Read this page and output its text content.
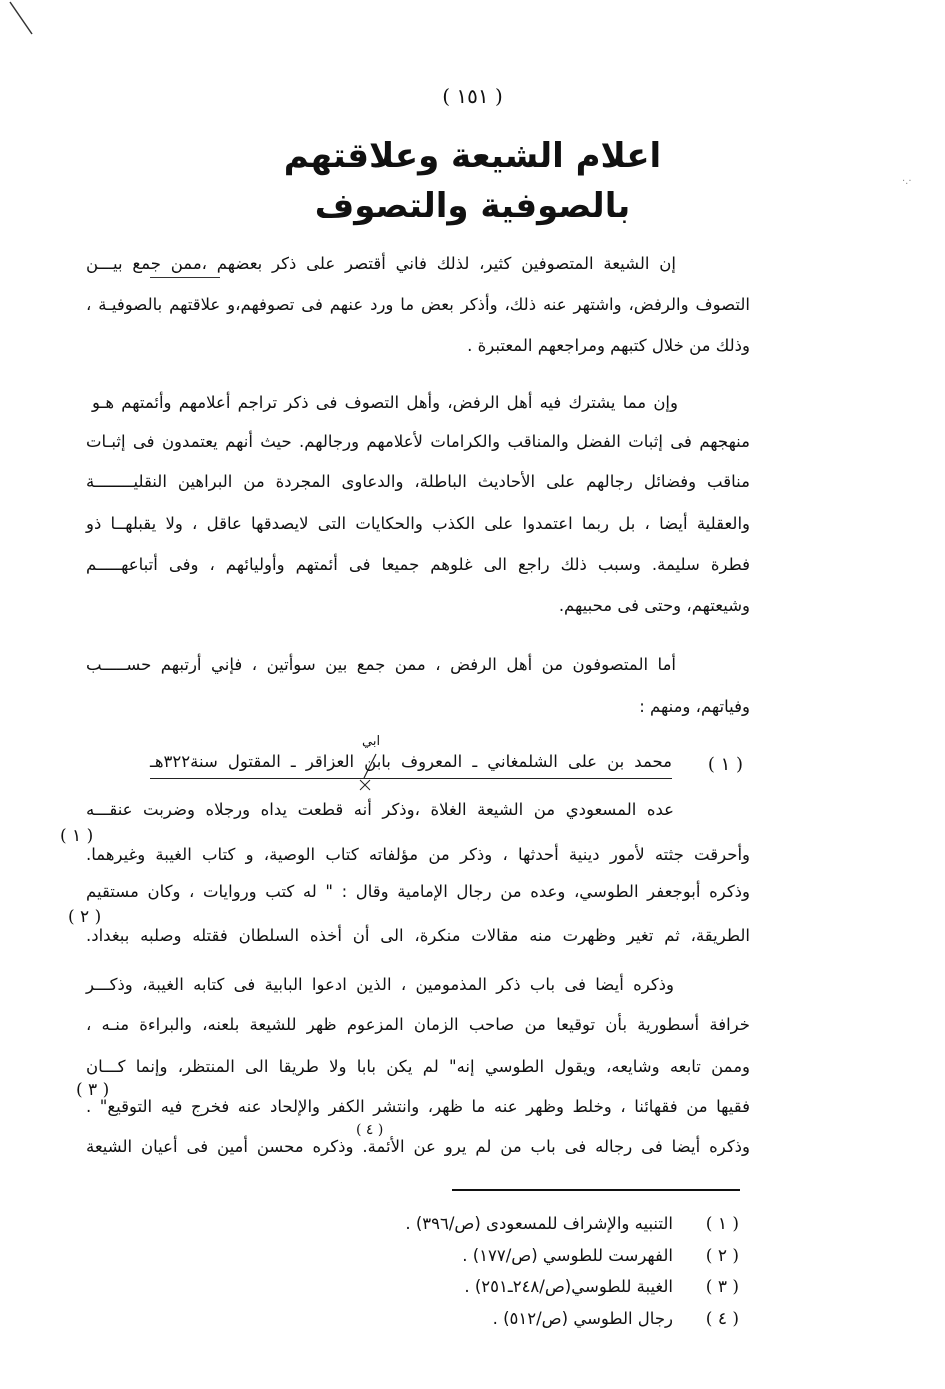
·.·
( ١٥١ )
اعلام الشيعة وعلاقتهم
بالصوفية والتصوف
إن الشيعة المتصوفين كثير، لذلك فاني أقتصر على ذكر بعضهم ،ممن جمع بيـــن
التصوف والرفض، واشتهر عنه ذلك، وأذكر بعض ما ورد عنهم فى تصوفهم،و علاقتهم بالصوفيـة ،
وذلك من خلال كتبهم ومراجعهم المعتبرة .
وإن مما يشترك فيه أهل الرفض، وأهل التصوف فى ذكر تراجم أعلامهم وأئمتهم هـو
منهجهم فى إثبات الفضل والمناقب والكرامات لأعلامهم ورجالهم. حيث أنهم يعتمدون فى إثبـات
مناقب وفضائل رجالهم على الأحاديث الباطلة، والدعاوى المجردة من البراهين النقليــــــــة
والعقلية أيضا ، بل ربما اعتمدوا على الكذب والحكايات التى لايصدقها عاقل ، ولا يقبلهــا ذو
فطرة سليمة. وسبب ذلك راجع الى غلوهم جميعا فى أئمتهم وأوليائهم ، وفى أتباعهـــــم
وشيعتهم، وحتى فى محبيهم.
أما المتصوفون من أهل الرفض ، ممن جمع بين سوأتين ، فإني أرتبهم حســـــب
وفياتهم، ومنهم :
ابي
محمد بن على الشلمغاني ـ المعروف بابن العزاقر ـ المقتول سنة٣٢٢هـ ( ١ )
عده المسعودي من الشيعة الغلاة ،وذكر أنه قطعت يداه ورجلاه وضربت عنقـــه
( ١ )
وأحرقت جثته لأمور دينية أحدثها ، وذكر من مؤلفاته كتاب الوصية، و كتاب الغيبة وغيرهما.
وذكره أبوجعفر الطوسي، وعده من رجال الإمامية وقال : " له كتب وروايات ، وكان مستقيم
( ٢ )
الطريقة، ثم تغير وظهرت منه مقالات منكرة، الى أن أخذه السلطان فقتله وصلبه ببغداد.
وذكره أيضا فى باب ذكر المذمومين ، الذين ادعوا البابية فى كتابه الغيبة، وذكـــر
خرافة أسطورية بأن توقيعا من صاحب الزمان المزعوم ظهر للشيعة بلعنه، والبراءة منـه ،
وممن تابعه وشايعه، ويقول الطوسي إنه" لم يكن بابا ولا طريقا الى المنتظر، وإنما كـــان
( ٣ )
فقيها من فقهائنا ، وخلط وظهر عنه ما ظهر، وانتشر الكفر والإلحاد عنه فخرج فيه التوقيع" .
( ٤ )
وذكره أيضا فى رجاله فى باب من لم يرو عن الأئمة. وذكره محسن أمين فى أعيان الشيعة
( ١ )
التنبيه والإشراف للمسعودى (ص/٣٩٦) .
( ٢ )
الفهرست للطوسي (ص/١٧٧) .
( ٣ )
الغيبة للطوسي(ص/٢٤٨ـ٢٥١) .
( ٤ )
رجال الطوسي (ص/٥١٢) .
